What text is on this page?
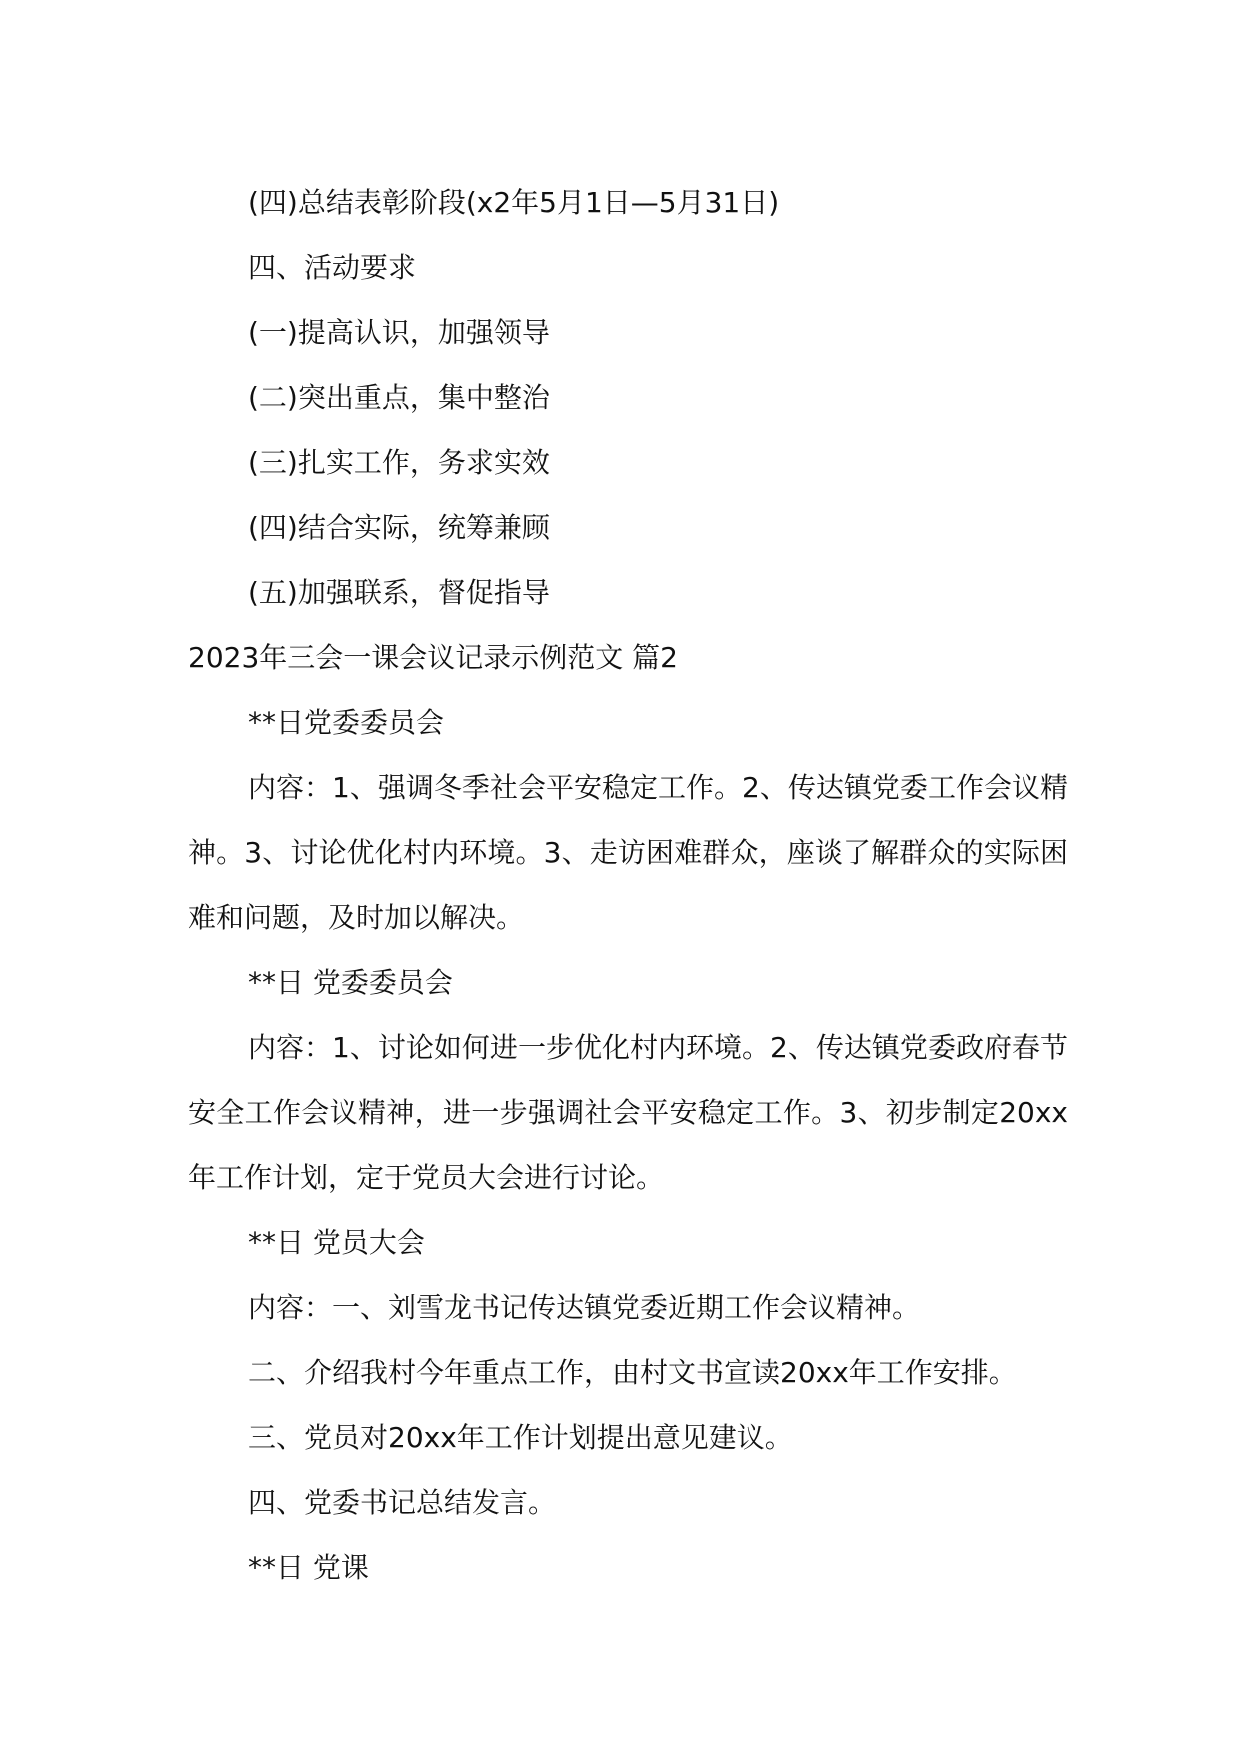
(四)总结表彰阶段(x2年5月1日—5月31日)

四、活动要求

(一)提高认识，加强领导

(二)突出重点，集中整治

(三)扎实工作，务求实效

(四)结合实际，统筹兼顾

(五)加强联系，督促指导

2023年三会一课会议记录示例范文 篇2

**日党委委员会

内容：1、强调冬季社会平安稳定工作。2、传达镇党委工作会议精神。3、讨论优化村内环境。3、走访困难群众，座谈了解群众的实际困难和问题，及时加以解决。

**日 党委委员会

内容：1、讨论如何进一步优化村内环境。2、传达镇党委政府春节安全工作会议精神，进一步强调社会平安稳定工作。3、初步制定20xx年工作计划，定于党员大会进行讨论。

**日 党员大会

内容：一、刘雪龙书记传达镇党委近期工作会议精神。

二、介绍我村今年重点工作，由村文书宣读20xx年工作安排。

三、党员对20xx年工作计划提出意见建议。

四、党委书记总结发言。

**日 党课
